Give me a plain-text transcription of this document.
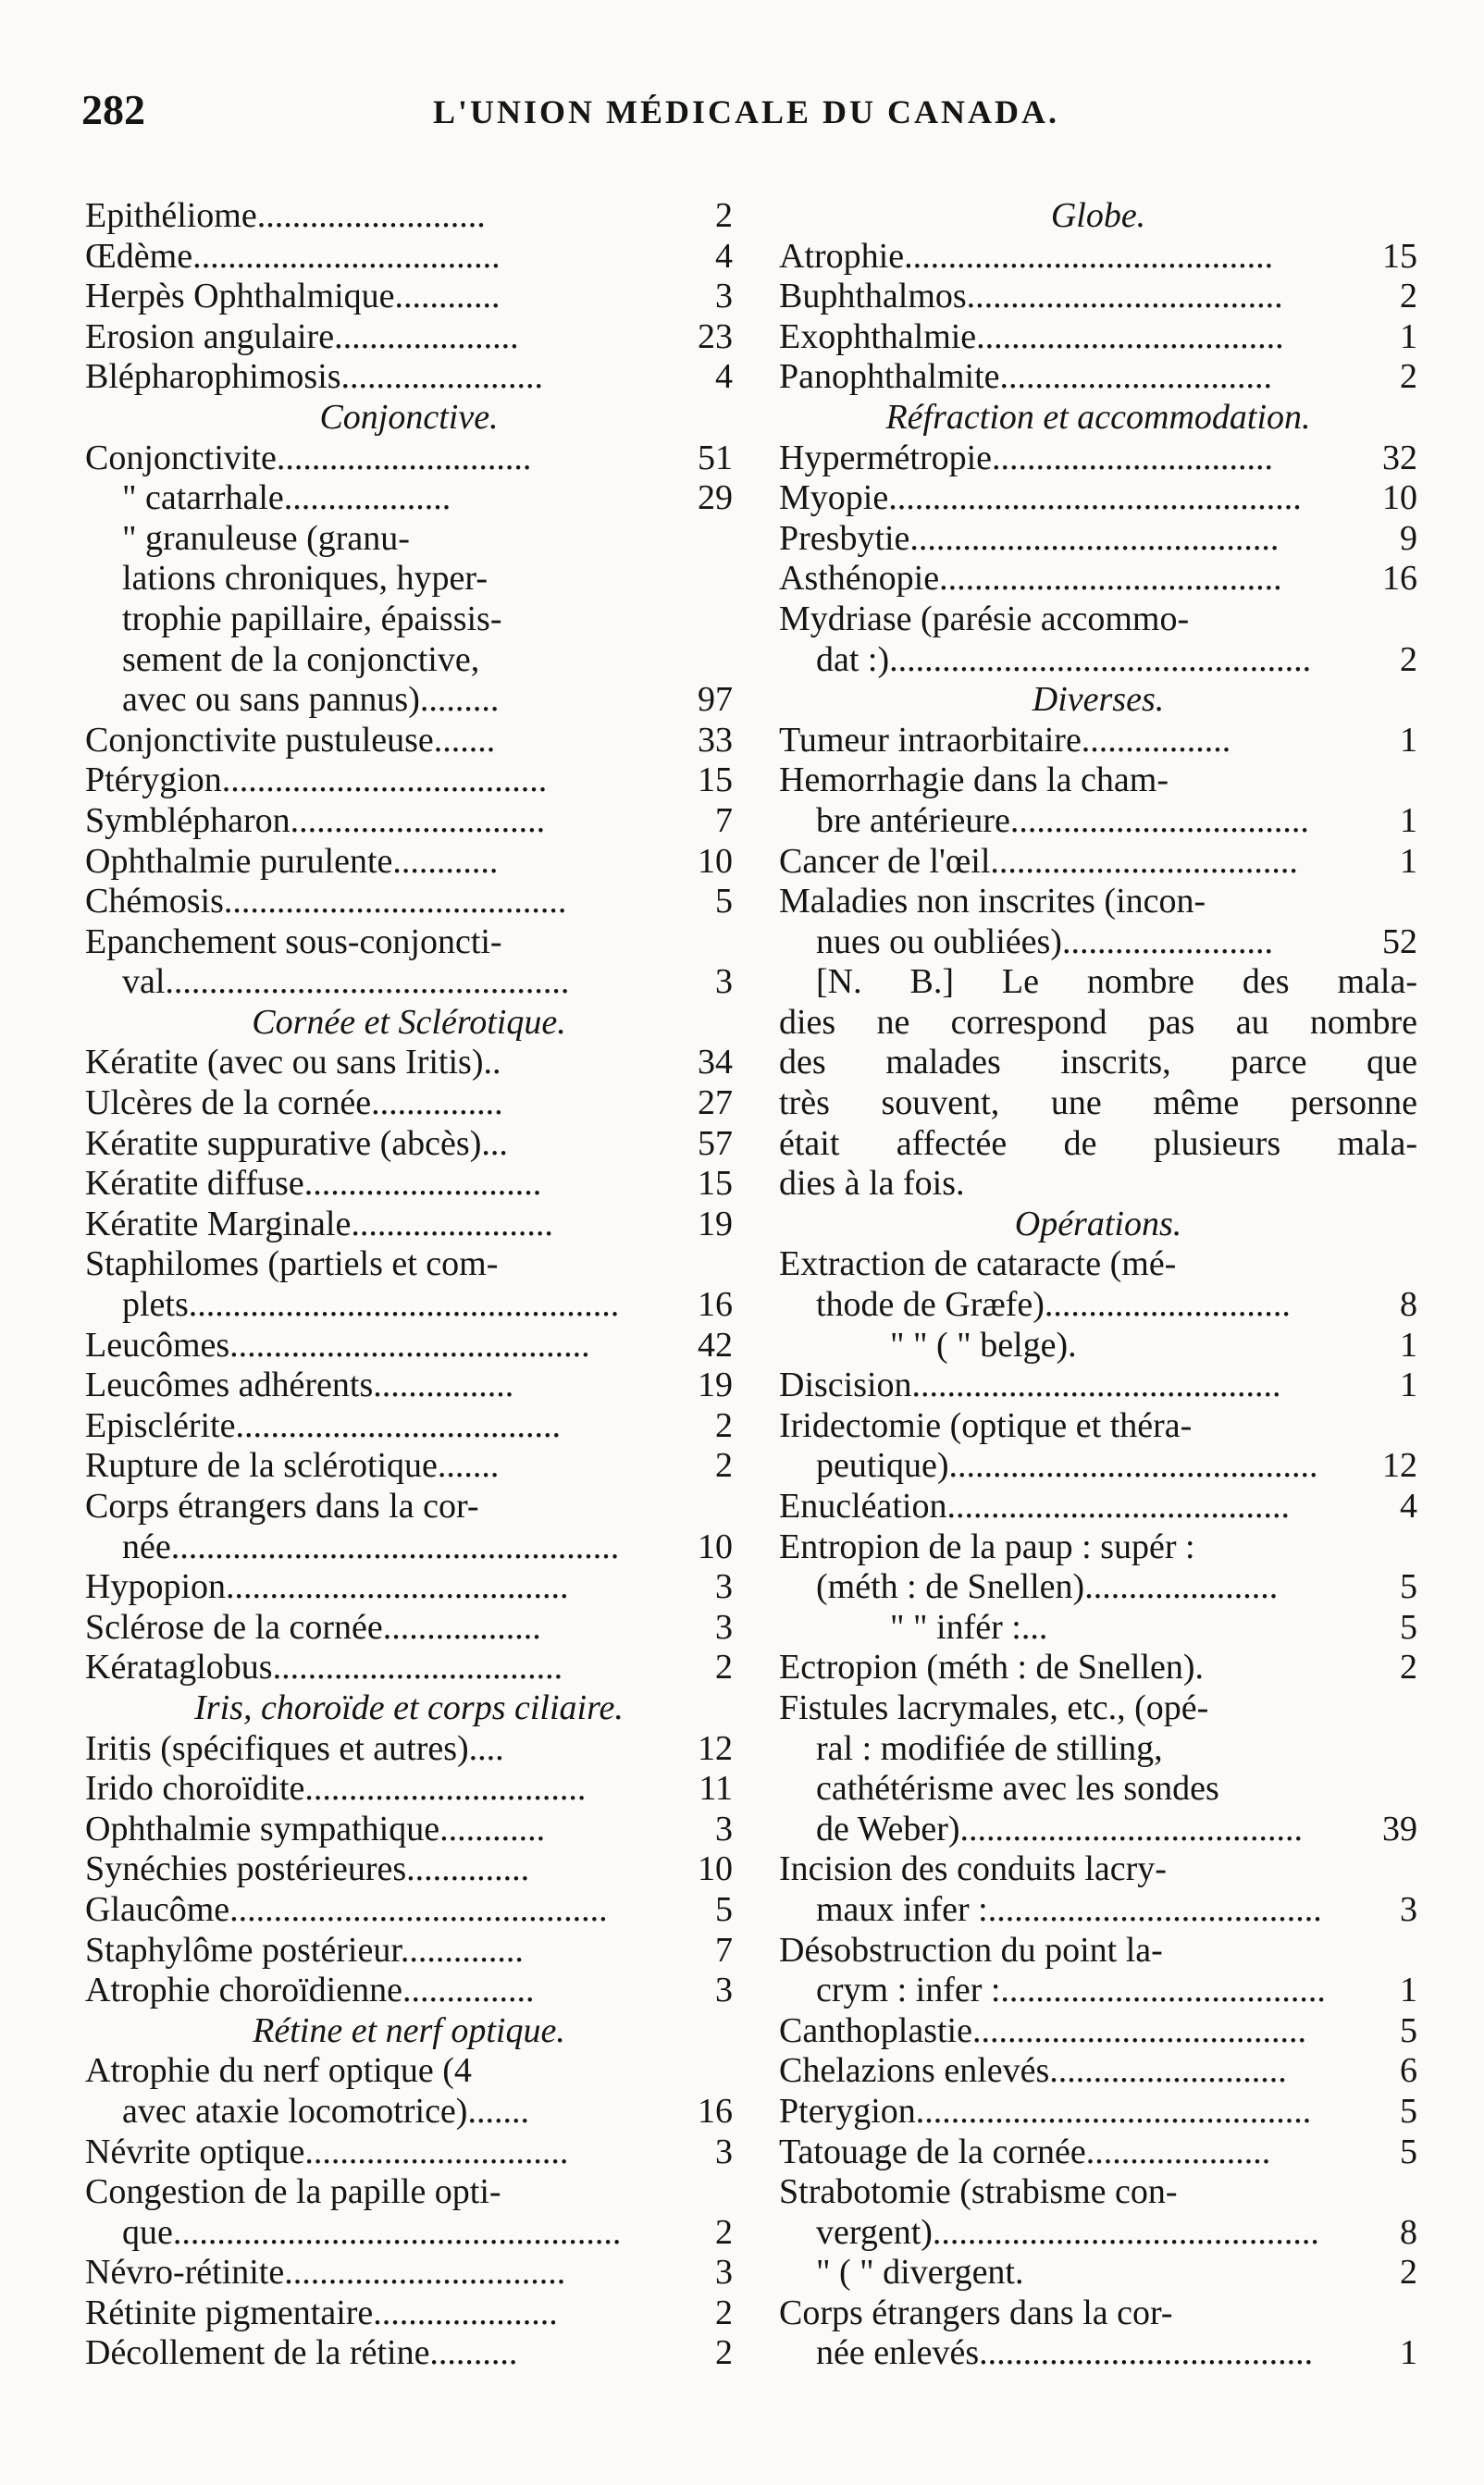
282	L'UNION MÉDICALE DU CANADA.
Epithéliome..........................	2
Œdème...................................	4
Herpès Ophthalmique............	3
Erosion angulaire.....................	23
Blépharophimosis.......................	4
Conjonctive.
Conjonctivite.............................	51
" catarrhale...................	29
" granuleuse (granu-
lations chroniques, hyper-
trophie papillaire, épaissis-
sement de la conjonctive,
avec ou sans pannus).........	97
Conjonctivite pustuleuse.......	33
Ptérygion.....................................	15
Symblépharon.............................	7
Ophthalmie purulente............	10
Chémosis.......................................	5
Epanchement sous-conjoncti-
val..............................................	3
Cornée et Sclérotique.
Kératite (avec ou sans Iritis)..	34
Ulcères de la cornée...............	27
Kératite suppurative (abcès)...	57
Kératite diffuse...........................	15
Kératite Marginale.......................	19
Staphilomes (partiels et com-
plets.................................................	16
Leucômes.........................................	42
Leucômes adhérents................	19
Episclérite.....................................	2
Rupture de la sclérotique.......	2
Corps étrangers dans la cor-
née...................................................	10
Hypopion.......................................	3
Sclérose de la cornée..................	3
Kérataglobus.................................	2
Iris, choroïde et corps ciliaire.
Iritis (spécifiques et autres)....	12
Irido choroïdite................................	11
Ophthalmie sympathique............	3
Synéchies postérieures..............	10
Glaucôme...........................................	5
Staphylôme postérieur..............	7
Atrophie choroïdienne...............	3
Rétine et nerf optique.
Atrophie du nerf optique (4
avec ataxie locomotrice).......	16
Névrite optique..............................	3
Congestion de la papille opti-
que...................................................	2
Névro-rétinite................................	3
Rétinite pigmentaire.....................	2
Décollement de la rétine..........	2
Globe.
Atrophie..........................................	15
Buphthalmos....................................	2
Exophthalmie...................................	1
Panophthalmite...............................	2
Réfraction et accommodation.
Hypermétropie................................	32
Myopie...............................................	10
Presbytie..........................................	9
Asthénopie.......................................	16
Mydriase (parésie accommo-
dat :)................................................	2
Diverses.
Tumeur intraorbitaire.................	1
Hemorrhagie dans la cham-
bre antérieure..................................	1
Cancer de l'œil...................................	1
Maladies non inscrites (incon-
nues ou oubliées)........................	52
[N. B.] Le nombre des mala-
dies ne correspond pas au nombre
des malades inscrits, parce que
très souvent, une même personne
était affectée de plusieurs mala-
dies à la fois.
Opérations.
Extraction de cataracte (mé-
thode de Græfe)............................	8
" " ( " belge).	1
Discision..........................................	1
Iridectomie (optique et théra-
peutique)..........................................	12
Enucléation.......................................	4
Entropion de la paup : supér :
(méth : de Snellen)......................	5
" " infér :...	5
Ectropion (méth : de Snellen).	2
Fistules lacrymales, etc., (opé-
ral : modifiée de stilling,
cathétérisme avec les sondes
de Weber).......................................	39
Incision des conduits lacry-
maux infer :......................................	3
Désobstruction du point la-
crym : infer :.....................................	1
Canthoplastie......................................	5
Chelazions enlevés...........................	6
Pterygion.............................................	5
Tatouage de la cornée.....................	5
Strabotomie (strabisme con-
vergent)............................................	8
" ( " divergent.	2
Corps étrangers dans la cor-
née enlevés......................................	1
